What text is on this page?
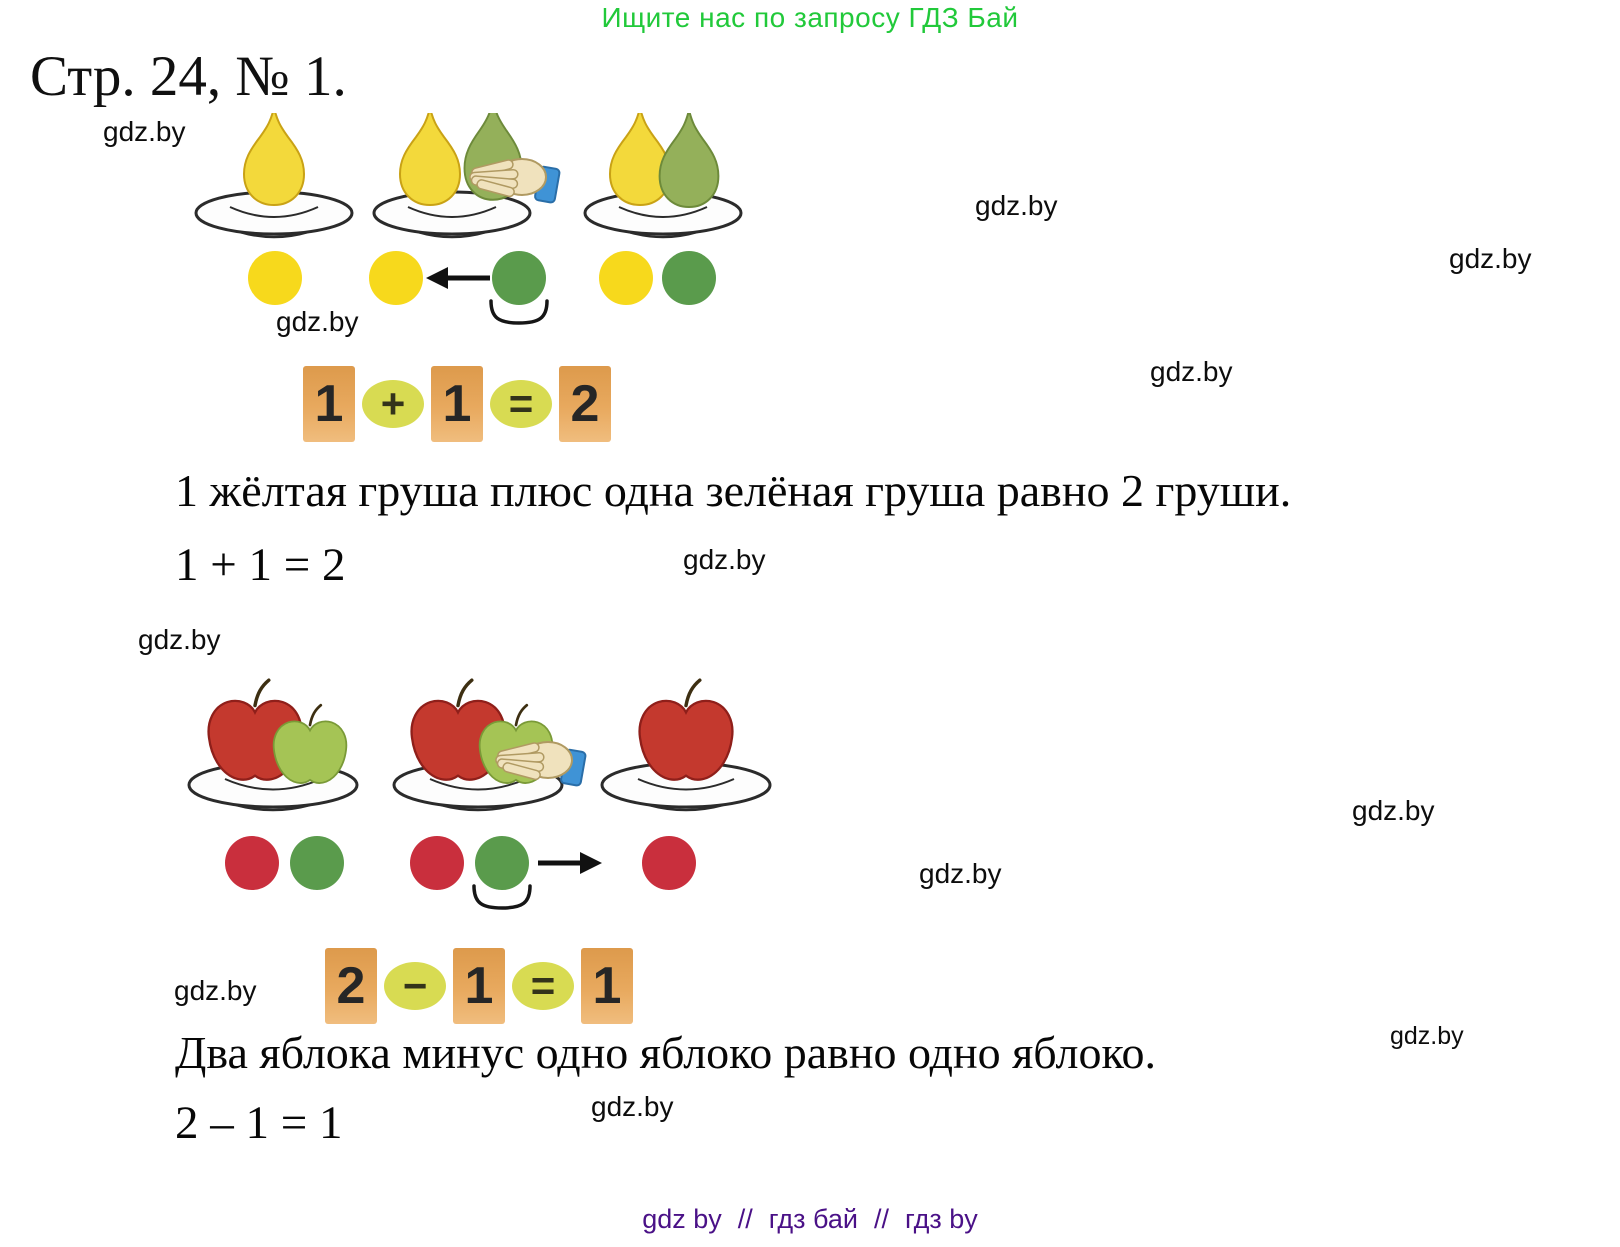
Ищите нас по запросу ГДЗ Бай
Стр. 24, № 1.
gdz.by
gdz.by
gdz.by
gdz.by
gdz.by
gdz.by
gdz.by
gdz.by
gdz.by
gdz.by
gdz.by
gdz.by
1 + 1 = 2
1 жёлтая груша плюс одна зелёная груша равно 2 груши.
1 + 1 = 2
2 − 1 = 1
Два яблока минус одно яблоко равно одно яблоко.
2 – 1 = 1
gdz by // гдз бай // гдз by
